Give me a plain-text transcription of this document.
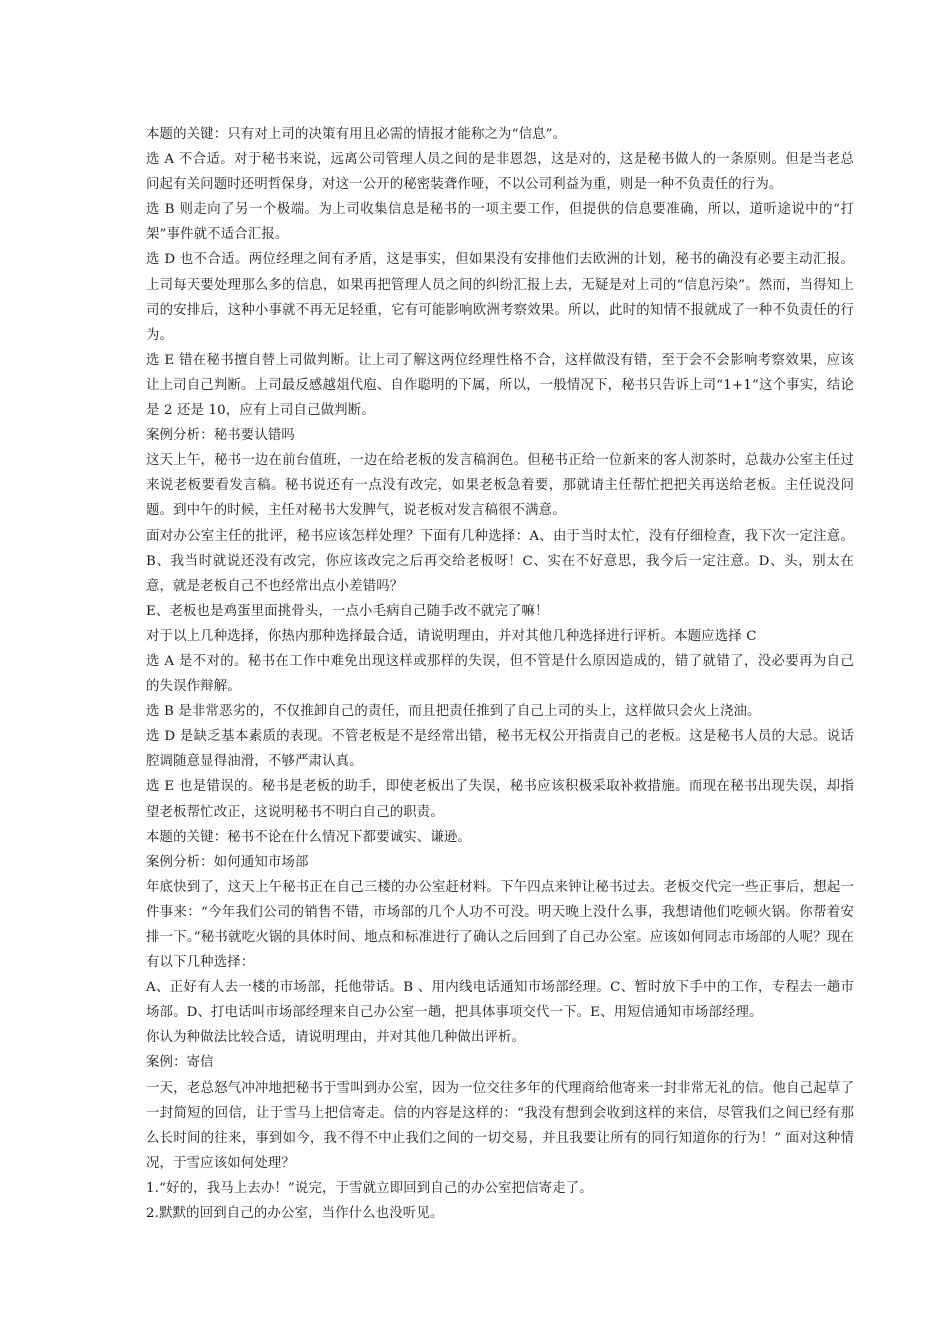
本题的关键：只有对上司的决策有用且必需的情报才能称之为“信息”。

选 A 不合适。对于秘书来说，远离公司管理人员之间的是非恩怨，这是对的，这是秘书做人的一条原则。但是当老总问起有关问题时还明哲保身，对这一公开的秘密装聋作哑，不以公司利益为重，则是一种不负责任的行为。

选 B 则走向了另一个极端。为上司收集信息是秘书的一项主要工作，但提供的信息要准确，所以，道听途说中的“打架”事件就不适合汇报。

选 D 也不合适。两位经理之间有矛盾，这是事实，但如果没有安排他们去欧洲的计划，秘书的确没有必要主动汇报。上司每天要处理那么多的信息，如果再把管理人员之间的纠纷汇报上去，无疑是对上司的“信息污染”。然而，当得知上司的安排后，这种小事就不再无足轻重，它有可能影响欧洲考察效果。所以，此时的知情不报就成了一种不负责任的行为。

选 E 错在秘书擅自替上司做判断。让上司了解这两位经理性格不合，这样做没有错，至于会不会影响考察效果，应该让上司自己判断。上司最反感越俎代庖、自作聪明的下属，所以，一般情况下，秘书只告诉上司“1+1”这个事实，结论是 2 还是 10，应有上司自己做判断。

案例分析：秘书要认错吗

这天上午，秘书一边在前台值班，一边在给老板的发言稿润色。但秘书正给一位新来的客人沏茶时，总裁办公室主任过来说老板要看发言稿。秘书说还有一点没有改完，如果老板急着要，那就请主任帮忙把把关再送给老板。主任说没问题。到中午的时候，主任对秘书大发脾气，说老板对发言稿很不满意。

面对办公室主任的批评，秘书应该怎样处理？下面有几种选择：A、由于当时太忙，没有仔细检查，我下次一定注意。B、我当时就说还没有改完，你应该改完之后再交给老板呀！C、实在不好意思，我今后一定注意。D、头，别太在意，就是老板自己不也经常出点小差错吗？

E、老板也是鸡蛋里面挑骨头，一点小毛病自己随手改不就完了嘛！

对于以上几种选择，你热内那种选择最合适，请说明理由，并对其他几种选择进行评析。本题应选择 C

选 A 是不对的。秘书在工作中难免出现这样或那样的失误，但不管是什么原因造成的，错了就错了，没必要再为自己的失误作辩解。

选 B 是非常恶劣的，不仅推卸自己的责任，而且把责任推到了自己上司的头上，这样做只会火上浇油。

选 D 是缺乏基本素质的表现。不管老板是不是经常出错，秘书无权公开指责自己的老板。这是秘书人员的大忌。说话腔调随意显得油滑，不够严肃认真。

选 E 也是错误的。秘书是老板的助手，即使老板出了失误，秘书应该积极采取补救措施。而现在秘书出现失误，却指望老板帮忙改正，这说明秘书不明白自己的职责。

本题的关键：秘书不论在什么情况下都要诚实、谦逊。

案例分析：如何通知市场部

年底快到了，这天上午秘书正在自己三楼的办公室赶材料。下午四点来钟让秘书过去。老板交代完一些正事后，想起一件事来：“今年我们公司的销售不错，市场部的几个人功不可没。明天晚上没什么事，我想请他们吃顿火锅。你帮着安排一下。”秘书就吃火锅的具体时间、地点和标准进行了确认之后回到了自己办公室。应该如何同志市场部的人呢？现在有以下几种选择：

A、正好有人去一楼的市场部，托他带话。B 、用内线电话通知市场部经理。C、暂时放下手中的工作，专程去一趟市场部。D、打电话叫市场部经理来自己办公室一趟，把具体事项交代一下。E、用短信通知市场部经理。

你认为种做法比较合适，请说明理由，并对其他几种做出评析。

案例：寄信

一天，老总怒气冲冲地把秘书于雪叫到办公室，因为一位交往多年的代理商给他寄来一封非常无礼的信。他自己起草了一封简短的回信，让于雪马上把信寄走。信的内容是这样的：“我没有想到会收到这样的来信，尽管我们之间已经有那么长时间的往来，事到如今，我不得不中止我们之间的一切交易，并且我要让所有的同行知道你的行为！” 面对这种情况，于雪应该如何处理？

1.“好的，我马上去办！”说完，于雪就立即回到自己的办公室把信寄走了。

2.默默的回到自己的办公室，当作什么也没听见。
